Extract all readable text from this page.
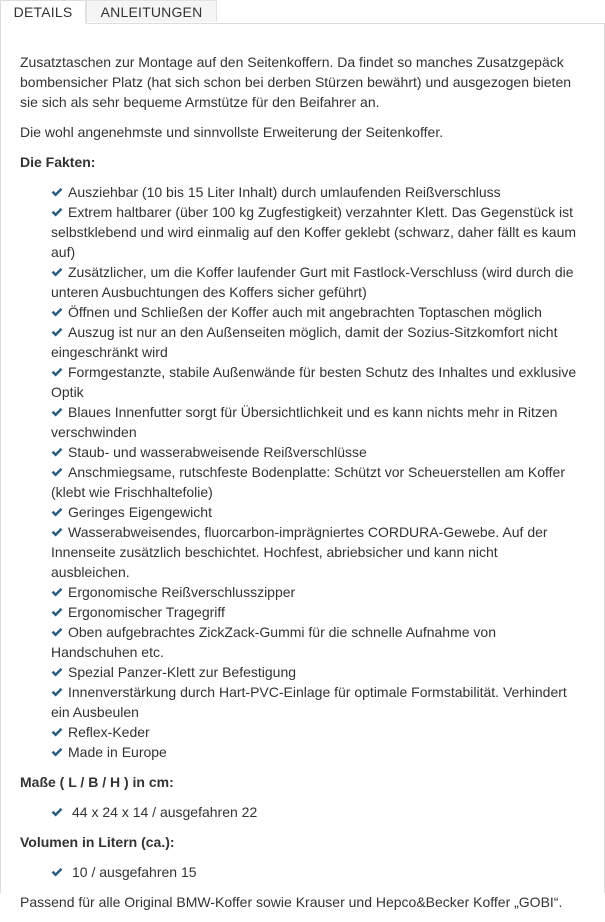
DETAILS	ANLEITUNGEN

Zusatztaschen zur Montage auf den Seitenkoffern. Da findet so manches Zusatzgepäck bombensicher Platz (hat sich schon bei derben Stürzen bewährt) und ausgezogen bieten sie sich als sehr bequeme Armstütze für den Beifahrer an.

Die wohl angenehmste und sinnvollste Erweiterung der Seitenkoffer.

Die Fakten:
Ausziehbar (10 bis 15 Liter Inhalt) durch umlaufenden Reißverschluss
Extrem haltbarer (über 100 kg Zugfestigkeit) verzahnter Klett. Das Gegenstück ist selbstklebend und wird einmalig auf den Koffer geklebt (schwarz, daher fällt es kaum auf)
Zusätzlicher, um die Koffer laufender Gurt mit Fastlock-Verschluss (wird durch die unteren Ausbuchtungen des Koffers sicher geführt)
Öffnen und Schließen der Koffer auch mit angebrachten Toptaschen möglich
Auszug ist nur an den Außenseiten möglich, damit der Sozius-Sitzkomfort nicht eingeschränkt wird
Formgestanzte, stabile Außenwände für besten Schutz des Inhaltes und exklusive Optik
Blaues Innenfutter sorgt für Übersichtlichkeit und es kann nichts mehr in Ritzen verschwinden
Staub- und wasserabweisende Reißverschlüsse
Anschmiegsame, rutschfeste Bodenplatte: Schützt vor Scheuerstellen am Koffer (klebt wie Frischhaltefolie)
Geringes Eigengewicht
Wasserabweisendes, fluorcarbon-imprägniertes CORDURA-Gewebe. Auf der Innenseite zusätzlich beschichtet. Hochfest, abriebsicher und kann nicht ausbleichen.
Ergonomische Reißverschlusszipper
Ergonomischer Tragegriff
Oben aufgebrachtes ZickZack-Gummi für die schnelle Aufnahme von Handschuhen etc.
Spezial Panzer-Klett zur Befestigung
Innenverstärkung durch Hart-PVC-Einlage für optimale Formstabilität. Verhindert ein Ausbeulen
Reflex-Keder
Made in Europe
Maße ( L / B / H ) in cm:
44 x 24 x 14 / ausgefahren 22
Volumen in Litern (ca.):
10 / ausgefahren 15

Passend für alle Original BMW-Koffer sowie Krauser und Hepco&Becker Koffer „GOBI“.
